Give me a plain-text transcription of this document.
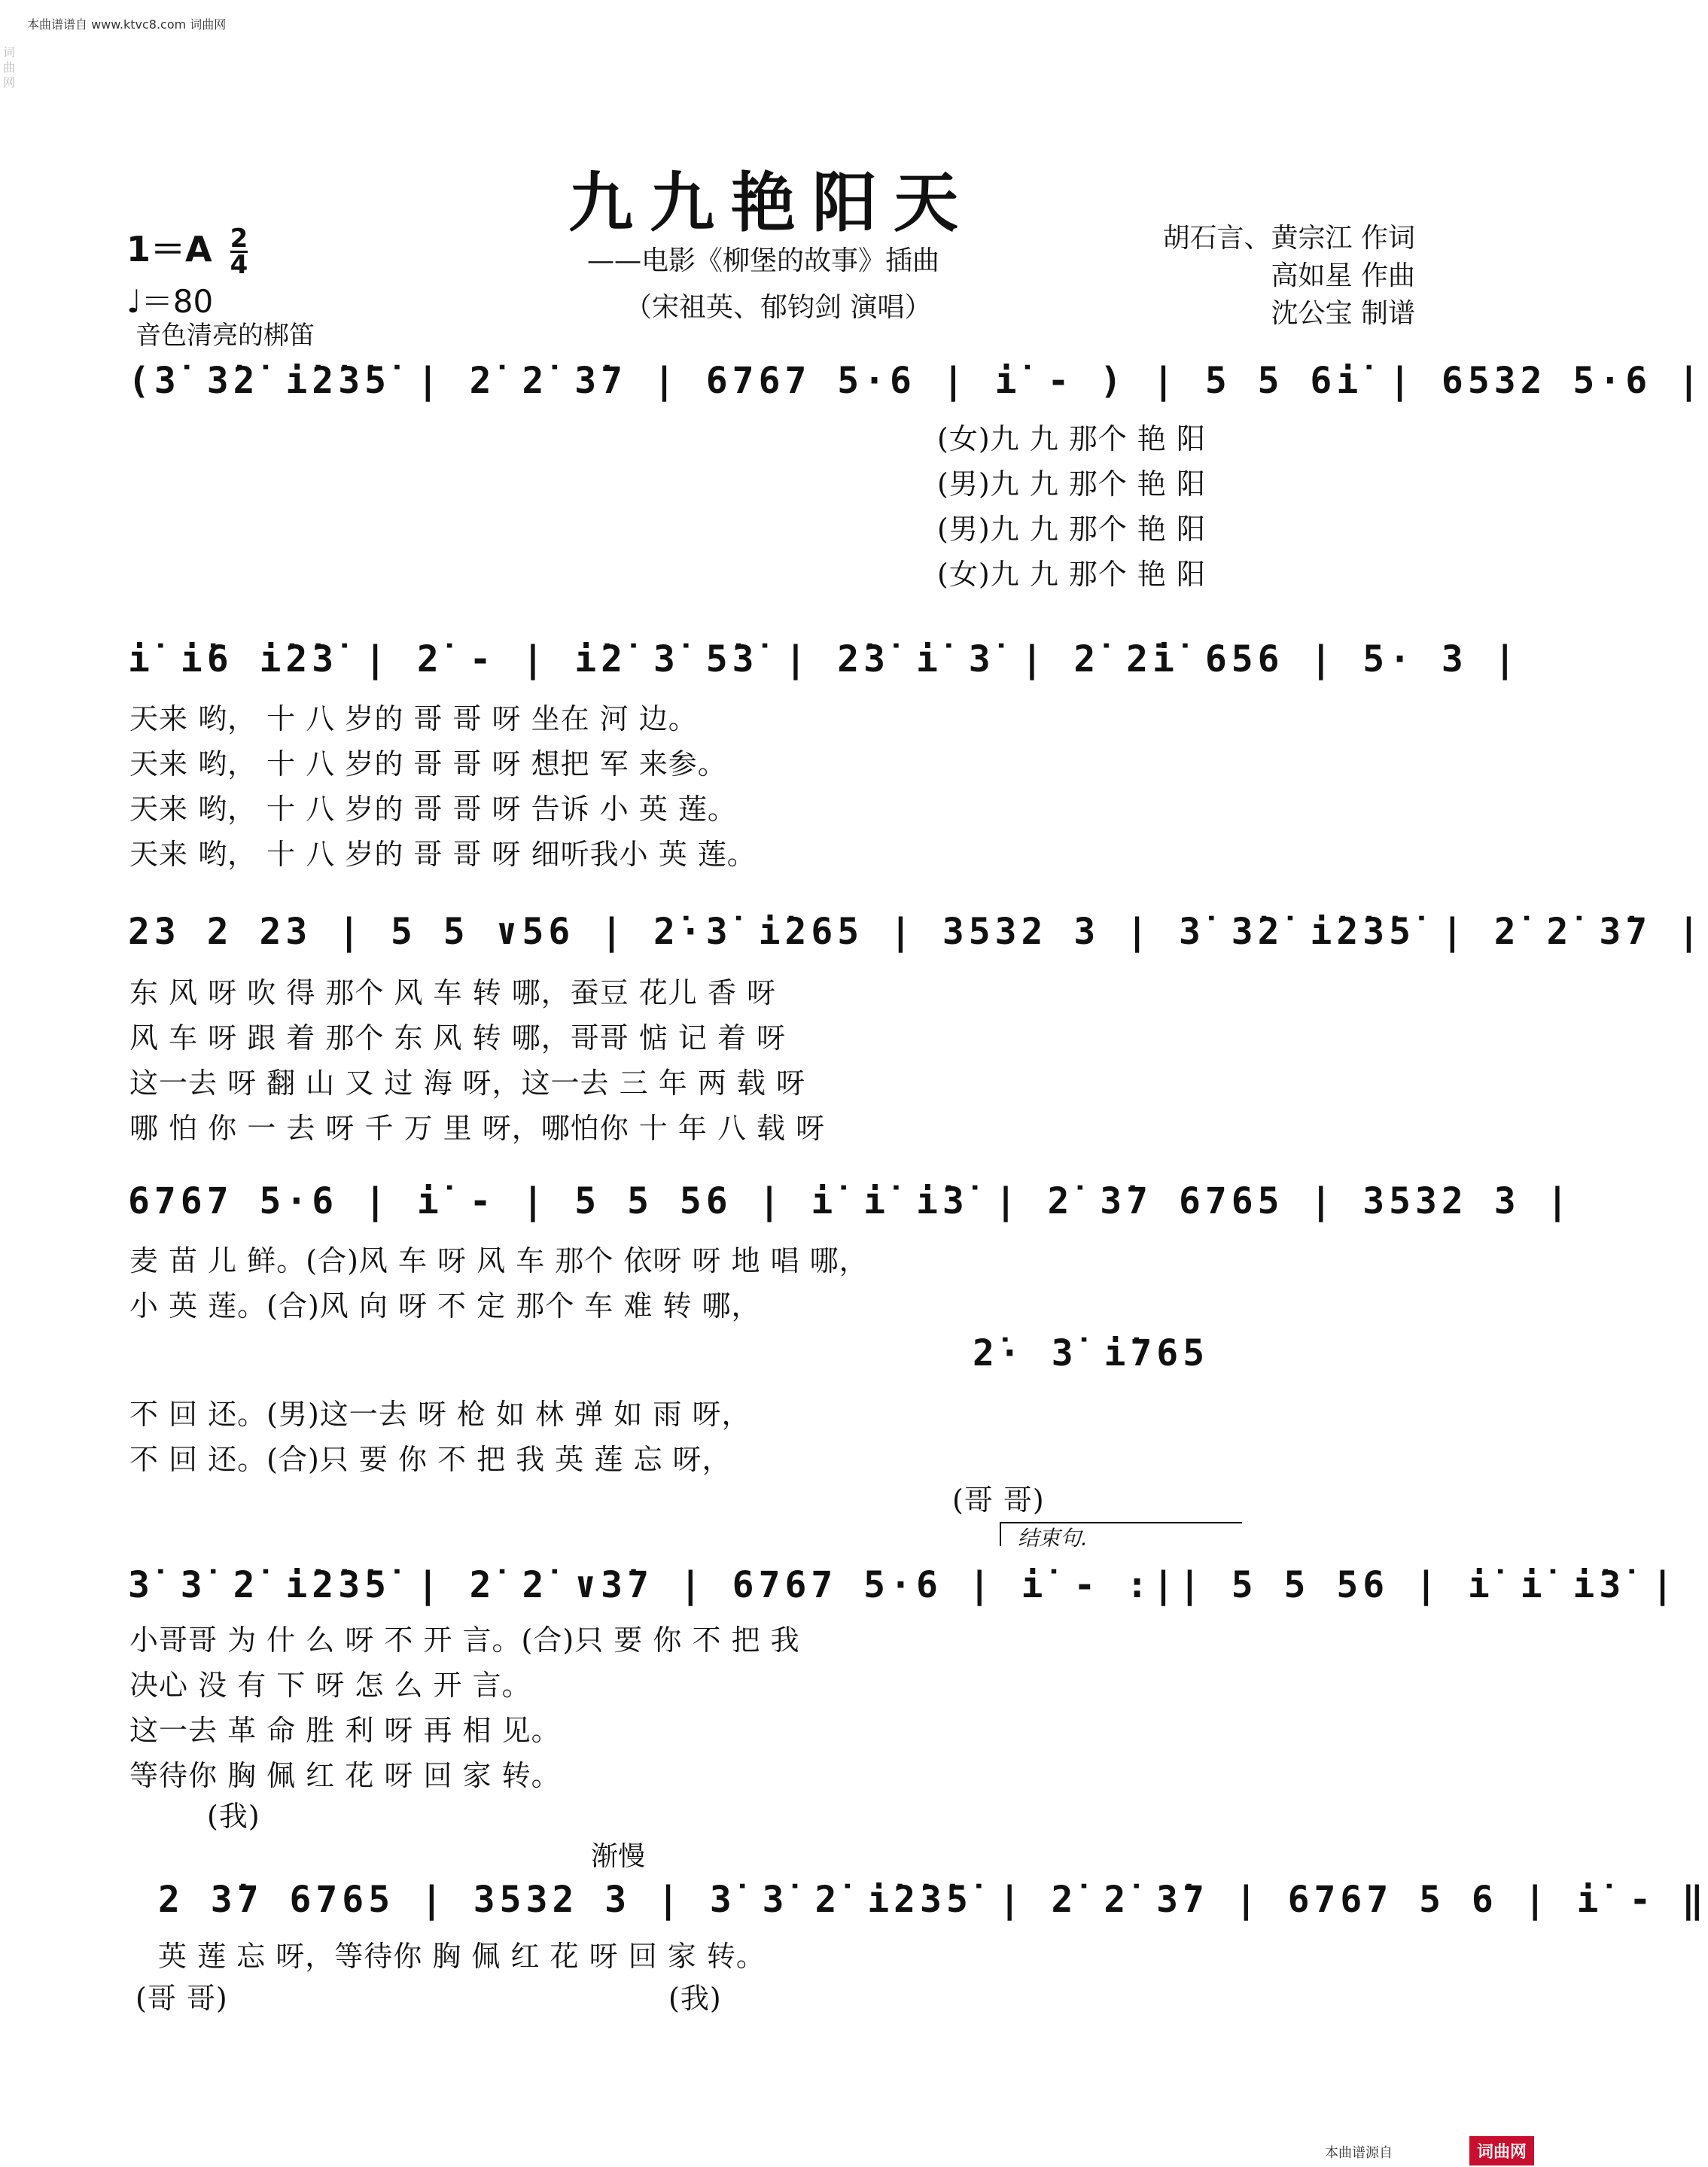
词 曲 网
本曲谱谱自 www.ktvc8.com 词曲网
九九艳阳天
——电影《柳堡的故事》插曲
（宋祖英、郁钧剑 演唱）
胡石言、黄宗江 作词
高如星 作曲
沈公宝 制谱
$1=A \frac{2}{4}$
♩＝80
音色清亮的梆笛
(3̇ 3̇2̇ i̇2̇3̇5̇ | 2̇ 2̇ 3̇7 | 6767 5·6 | i̇ - ) | 5 5 6i̇ | 6532 5·6 |
(女)九 九 那个 艳 阳
(男)九 九 那个 艳 阳
(男)九 九 那个 艳 阳
(女)九 九 那个 艳 阳
i̇ i̇6 i̇2̇3̇ | 2̇ - | i̇2̇ 3̇ 5̇3̇ | 2̇3̇ i̇ 3̇ | 2̇ 2̇i̇ 656 | 5· 3 |
天来 哟， 十 八 岁的 哥 哥 呀 坐在 河 边。
天来 哟， 十 八 岁的 哥 哥 呀 想把 军 来参。
天来 哟， 十 八 岁的 哥 哥 呀 告诉 小 英 莲。
天来 哟， 十 八 岁的 哥 哥 呀 细听我小 英 莲。
23 2 23 | 5 5 ∨56 | 2̇·3̇ i̇265 | 3532 3 | 3̇ 3̇2̇ i̇2̇3̇5̇ | 2̇ 2̇ 3̇7 |
东 风 呀 吹 得 那个 风 车 转 哪，蚕豆 花儿 香 呀
风 车 呀 跟 着 那个 东 风 转 哪，哥哥 惦 记 着 呀
这一去 呀 翻 山 又 过 海 呀，这一去 三 年 两 载 呀
哪 怕 你 一 去 呀 千 万 里 呀，哪怕你 十 年 八 载 呀
6767 5·6 | i̇ - | 5 5 56 | i̇ i̇ i̇3̇ | 2̇ 3̇7 6765 | 3532 3 |
麦 苗 儿 鲜。(合)风 车 呀 风 车 那个 依呀 呀 地 唱 哪，
小 英 莲。(合)风 向 呀 不 定 那个 车 难 转 哪，
2̇· 3̇ i̇765
不 回 还。(男)这一去 呀 枪 如 林 弹 如 雨 呀，
不 回 还。(合)只 要 你 不 把 我 英 莲 忘 呀，
(哥 哥)
结束句.
3̇ 3̇ 2̇ i̇2̇3̇5̇ | 2̇ 2̇ ∨3̇7 | 6767 5·6 | i̇ - :|| 5 5 56 | i̇ i̇ i̇3̇ |
小哥哥 为 什 么 呀 不 开 言。(合)只 要 你 不 把 我
决心 没 有 下 呀 怎 么 开 言。
这一去 革 命 胜 利 呀 再 相 见。
等待你 胸 佩 红 花 呀 回 家 转。
(我)
渐慢
2 3̇7 6765 | 3532 3 | 3̇ 3̇ 2̇ i̇2̇3̇5̇ | 2̇ 2̇ 3̇7 | 6767 5 6 | i̇ - ‖
英 莲 忘 呀，等待你 胸 佩 红 花 呀 回 家 转。
(哥 哥)	(我)
本曲谱源自	词曲网
